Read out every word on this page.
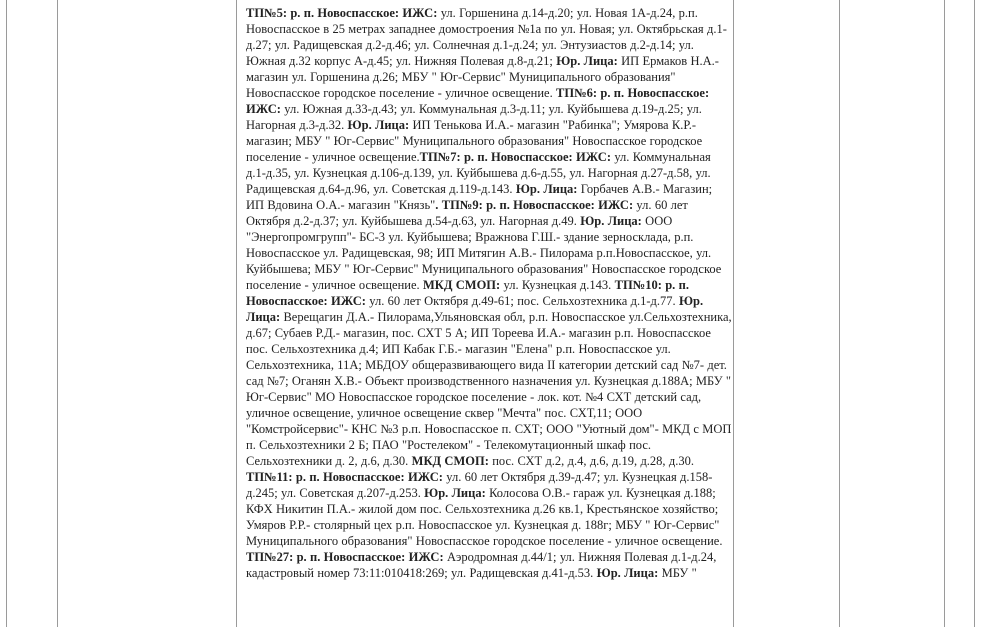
ТП№5: р. п. Новоспасское: ИЖС: ул. Горшенина д.14-д.20; ул. Новая 1А-д.24, р.п. Новоспасское в 25 метрах западнее домостроения №1а по ул. Новая; ул. Октябрьская д.1-д.27; ул. Радищевская д.2-д.46; ул. Солнечная д.1-д.24; ул. Энтузиастов д.2-д.14; ул. Южная д.32 корпус А-д.45; ул. Нижняя Полевая д.8-д.21; Юр. Лица: ИП Ермаков Н.А.- магазин ул. Горшенина д.26; МБУ " Юг-Сервис" Муниципального образования" Новоспасское городское поселение - уличное освещение. ТП№6: р. п. Новоспасское: ИЖС: ул. Южная д.33-д.43; ул. Коммунальная д.3-д.11; ул. Куйбышева д.19-д.25; ул. Нагорная д.3-д.32. Юр. Лица: ИП Тенькова И.А.- магазин "Рабинка"; Умярова К.Р.- магазин; МБУ " Юг-Сервис" Муниципального образования" Новоспасское городское поселение - уличное освещение.ТП№7: р. п. Новоспасское: ИЖС: ул. Коммунальная д.1-д.35, ул. Кузнецкая д.106-д.139, ул. Куйбышева д.6-д.55, ул. Нагорная д.27-д.58, ул. Радищевская д.64-д.96, ул. Советская д.119-д.143. Юр. Лица: Горбачев А.В.- Магазин; ИП Вдовина О.А.- магазин "Князь". ТП№9: р. п. Новоспасское: ИЖС: ул. 60 лет Октября д.2-д.37; ул. Куйбышева д.54-д.63, ул. Нагорная д.49. Юр. Лица: ООО "Энергопромгрупп"- БС-3 ул. Куйбышева; Вражнова Г.Ш.- здание зерносклада, р.п. Новоспасское ул. Радищевская, 98; ИП Митягин А.В.- Пилорама р.п.Новоспасское, ул. Куйбышева; МБУ " Юг-Сервис" Муниципального образования" Новоспасское городское поселение - уличное освещение. МКД СМОП: ул. Кузнецкая д.143. ТП№10: р. п. Новоспасское: ИЖС: ул. 60 лет Октября д.49-61; пос. Сельхозтехника д.1-д.77. Юр. Лица: Верещагин Д.А.- Пилорама,Ульяновская обл, р.п. Новоспасское ул.Сельхозтехника, д.67; Субаев Р.Д.- магазин, пос. СХТ 5 А; ИП Тореева И.А.- магазин р.п. Новоспасское пос. Сельхозтехника д.4; ИП Кабак Г.Б.- магазин "Елена" р.п. Новоспасское ул. Сельхозтехника, 11А; МБДОУ общеразвивающего вида II категории детский сад №7- дет. сад №7; Оганян Х.В.- Объект производственного назначения ул. Кузнецкая д.188А; МБУ " Юг-Сервис" МО Новоспасское городское поселение - лок. кот. №4 СХТ детский сад, уличное освещение, уличное освещение сквер "Мечта" пос. СХТ,11; ООО "Комстройсервис"- КНС №3 р.п. Новоспасское п. СХТ; ООО "Уютный дом"- МКД с МОП п. Сельхозтехники 2 Б; ПАО "Ростелеком" - Телекомутационный шкаф пос. Сельхозтехники д. 2, д.6, д.30. МКД СМОП: пос. СХТ д.2, д.4, д.6, д.19, д.28, д.30. ТП№11: р. п. Новоспасское: ИЖС: ул. 60 лет Октября д.39-д.47; ул. Кузнецкая д.158-д.245; ул. Советская д.207-д.253. Юр. Лица: Колосова О.В.- гараж ул. Кузнецкая д.188; КФХ Никитин П.А.- жилой дом пос. Сельхозтехника д.26 кв.1, Крестьянское хозяйство; Умяров Р.Р.- столярный цех р.п. Новоспасское ул. Кузнецкая д. 188г; МБУ " Юг-Сервис" Муниципального образования" Новоспасское городское поселение - уличное освещение. ТП№27: р. п. Новоспасское: ИЖС: Аэродромная д.44/1; ул. Нижняя Полевая д.1-д.24, кадастровый номер 73:11:010418:269; ул. Радищевская д.41-д.53. Юр. Лица: МБУ "
